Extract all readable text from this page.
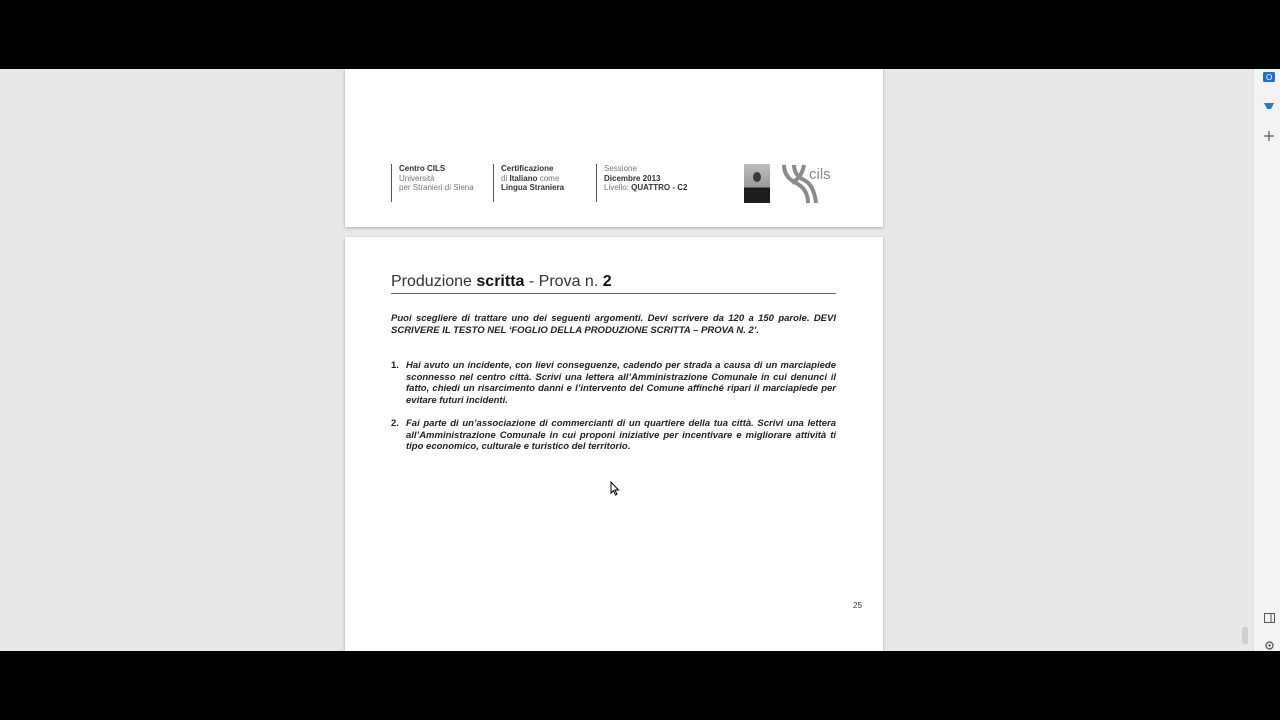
Centro CILS
Università
per Stranieri di Siena
Certificazione
di Italiano come
Lingua Straniera
Sessione
Dicembre 2013
Livello: QUATTRO - C2
cils
Produzione scritta - Prova n. 2
Puoi scegliere di trattare uno dei seguenti argomenti. Devi scrivere da 120 a 150 parole. DEVI SCRIVERE IL TESTO NEL ‘FOGLIO DELLA PRODUZIONE SCRITTA – PROVA N. 2’.
1. Hai avuto un incidente, con lievi conseguenze, cadendo per strada a causa di un marciapiede sconnesso nel centro città. Scrivi una lettera all’Amministrazione Comunale in cui denunci il fatto, chiedi un risarcimento danni e l’intervento del Comune affinché ripari il marciapiede per evitare futuri incidenti.
2. Fai parte di un’associazione di commercianti di un quartiere della tua città. Scrivi una lettera all’Amministrazione Comunale in cui proponi iniziative per incentivare e migliorare attività ti tipo economico, culturale e turistico del territorio.
25
O
